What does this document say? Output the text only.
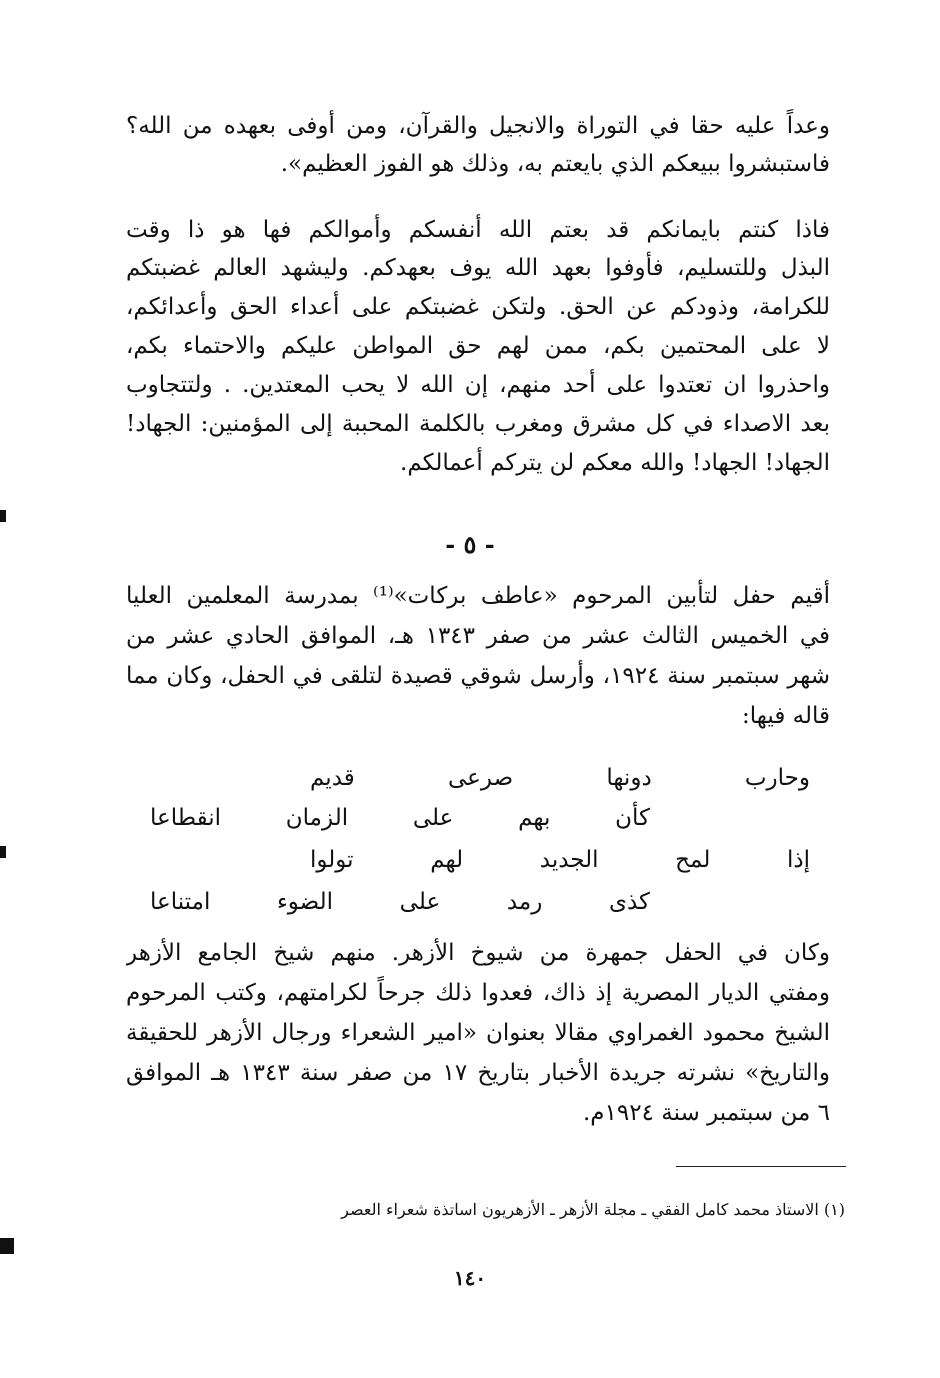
وعداً عليه حقا في التوراة والانجيل والقرآن، ومن أوفى بعهده من الله؟
فاستبشروا ببيعكم الذي بايعتم به، وذلك هو الفوز العظيم».
فاذا كنتم بايمانكم قد بعتم الله أنفسكم وأموالكم فها هو ذا وقت
البذل وللتسليم، فأوفوا بعهد الله يوف بعهدكم. وليشهد العالم غضبتكم
للكرامة، وذودكم عن الحق. ولتكن غضبتكم على أعداء الحق وأعدائكم،
لا على المحتمين بكم، ممن لهم حق المواطن عليكم والاحتماء بكم،
واحذروا ان تعتدوا على أحد منهم، إن الله لا يحب المعتدين. . ولتتجاوب
بعد الاصداء في كل مشرق ومغرب بالكلمة المحببة إلى المؤمنين: الجهاد!
الجهاد! الجهاد! والله معكم لن يتركم أعمالكم.
- ٥ -
أقيم حفل لتأبين المرحوم «عاطف بركات»⁽¹⁾ بمدرسة المعلمين العليا
في الخميس الثالث عشر من صفر ١٣٤٣ هـ، الموافق الحادي عشر من
شهر سبتمبر سنة ١٩٢٤، وأرسل شوقي قصيدة لتلقى في الحفل، وكان مما
قاله فيها:
وحارب دونها صرعى قديم
كأن بهم على الزمان انقطاعا
إذا لمح الجديد لهم تولوا
كذى رمد على الضوء امتناعا
وكان في الحفل جمهرة من شيوخ الأزهر. منهم شيخ الجامع الأزهر
ومفتي الديار المصرية إذ ذاك، فعدوا ذلك جرحاً لكرامتهم، وكتب المرحوم
الشيخ محمود الغمراوي مقالا بعنوان «امير الشعراء ورجال الأزهر للحقيقة
والتاريخ» نشرته جريدة الأخبار بتاريخ ١٧ من صفر سنة ١٣٤٣ هـ الموافق
٦ من سبتمبر سنة ١٩٢٤م.
(١) الاستاذ محمد كامل الفقي ـ مجلة الأزهر ـ الأزهريون اساتذة شعراء العصر
١٤٠
